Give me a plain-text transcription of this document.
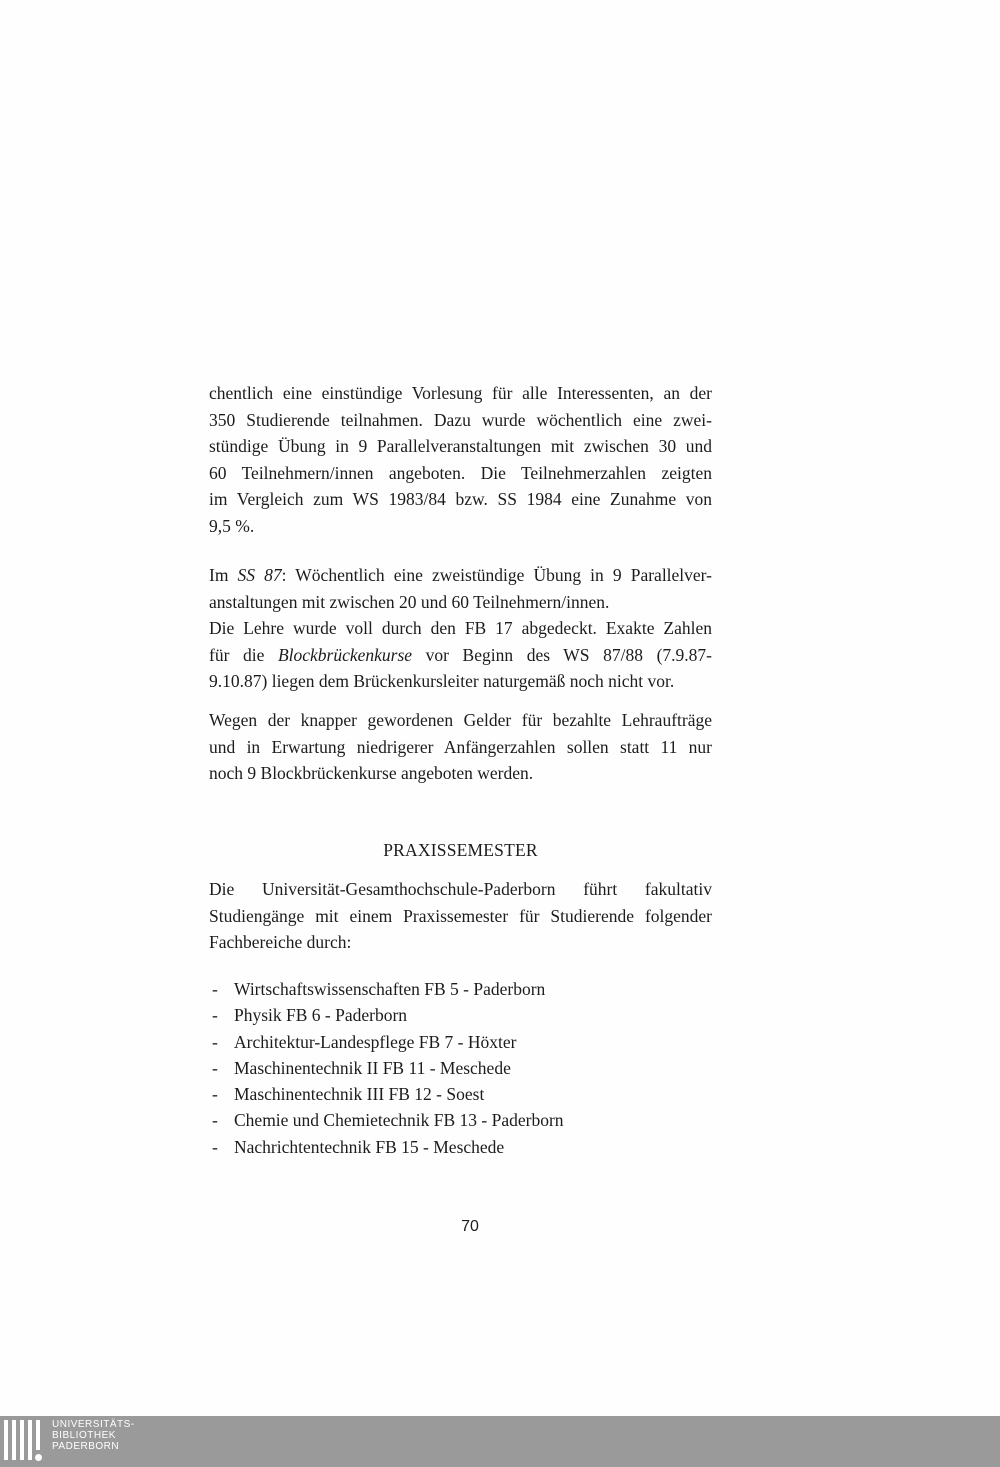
chentlich eine einstündige Vorlesung für alle Interessenten, an der
350 Studierende teilnahmen. Dazu wurde wöchentlich eine zwei-
stündige Übung in 9 Parallelveranstaltungen mit zwischen 30 und
60 Teilnehmern/innen angeboten. Die Teilnehmerzahlen zeigten
im Vergleich zum WS 1983/84 bzw. SS 1984 eine Zunahme von
9,5 %.
Im SS 87: Wöchentlich eine zweistündige Übung in 9 Parallelver-
anstaltungen mit zwischen 20 und 60 Teilnehmern/innen.
Die Lehre wurde voll durch den FB 17 abgedeckt. Exakte Zahlen
für die Blockbrückenkurse vor Beginn des WS 87/88 (7.9.87-
9.10.87) liegen dem Brückenkursleiter naturgemäß noch nicht vor.
Wegen der knapper gewordenen Gelder für bezahlte Lehraufträge
und in Erwartung niedrigerer Anfängerzahlen sollen statt 11 nur
noch 9 Blockbrückenkurse angeboten werden.
PRAXISSEMESTER
Die Universität-Gesamthochschule-Paderborn führt fakultativ
Studiengänge mit einem Praxissemester für Studierende folgender
Fachbereiche durch:
- Wirtschaftswissenschaften FB 5 - Paderborn
- Physik FB 6 - Paderborn
- Architektur-Landespflege FB 7 - Höxter
- Maschinentechnik II FB 11 - Meschede
- Maschinentechnik III FB 12 - Soest
- Chemie und Chemietechnik FB 13 - Paderborn
- Nachrichtentechnik FB 15 - Meschede
70
UNIVERSITÄTS-
BIBLIOTHEK
PADERBORN
